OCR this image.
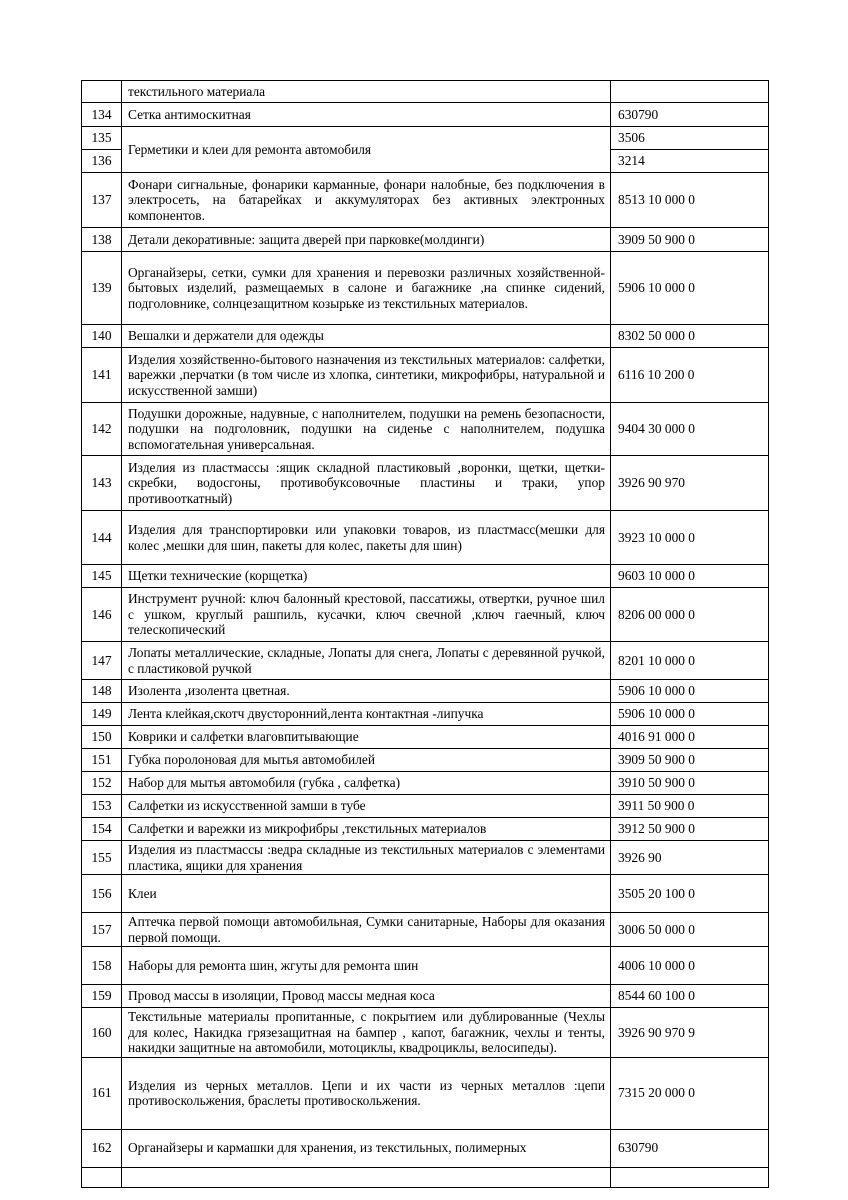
	текстильного материала	
134	Сетка антимоскитная	630790
135	Герметики и клеи для ремонта автомобиля	3506
136		3214
137	Фонари сигнальные, фонарики карманные, фонари налобные, без подключения в электросеть, на батарейках и аккумуляторах без активных электронных компонентов.	8513 10 000 0
138	Детали декоративные: защита дверей при парковке(молдинги)	3909 50 900 0
139	Органайзеры, сетки, сумки для хранения и перевозки различных хозяйственной- бытовых изделий, размещаемых в салоне и багажнике ,на спинке сидений, подголовнике, солнцезащитном козырьке из текстильных материалов.	5906 10 000 0
140	Вешалки и держатели для одежды	8302 50 000 0
141	Изделия хозяйственно-бытового назначения из текстильных материалов: салфетки, варежки ,перчатки (в том числе из хлопка, синтетики, микрофибры, натуральной и искусственной замши)	6116 10 200 0
142	Подушки дорожные, надувные, с наполнителем, подушки на ремень безопасности, подушки на подголовник, подушки на сиденье с наполнителем, подушка вспомогательная универсальная.	9404 30 000 0
143	Изделия из пластмассы :ящик складной пластиковый ,воронки, щетки, щетки-скребки, водосгоны, противобуксовочные пластины и траки, упор противооткатный)	3926 90 970
144	Изделия для транспортировки или упаковки товаров, из пластмасс(мешки для колес ,мешки для шин, пакеты для колес, пакеты для шин)	3923 10 000 0
145	Щетки технические (корщетка)	9603 10 000 0
146	Инструмент ручной: ключ балонный крестовой, пассатижы, отвертки, ручное шил с ушком, круглый рашпиль, кусачки, ключ свечной ,ключ гаечный, ключ телескопический	8206 00 000 0
147	Лопаты металлические, складные, Лопаты для снега, Лопаты с деревянной ручкой, с пластиковой ручкой	8201 10 000 0
148	Изолента ,изолента цветная.	5906 10 000 0
149	Лента клейкая,скотч двусторонний,лента контактная -липучка	5906 10 000 0
150	Коврики и салфетки влаговпитывающие	4016 91 000 0
151	Губка поролоновая для мытья автомобилей	3909 50 900 0
152	Набор для мытья автомобиля (губка , салфетка)	3910 50 900 0
153	Салфетки из искусственной замши в тубе	3911 50 900 0
154	Салфетки и варежки из микрофибры ,текстильных материалов	3912 50 900 0
155	Изделия из пластмассы :ведра складные из текстильных материалов с элементами пластика, ящики для хранения	3926 90
156	Клеи	3505 20 100 0
157	Аптечка первой помощи автомобильная, Сумки санитарные, Наборы для оказания первой помощи.	3006 50 000 0
158	Наборы для ремонта шин, жгуты для ремонта шин	4006 10 000 0
159	Провод массы в изоляции, Провод массы медная коса	8544 60 100 0
160	Текстильные материалы пропитанные, с покрытием или дублированные (Чехлы для колес, Накидка грязезащитная на бампер , капот, багажник, чехлы и тенты, накидки защитные на автомобили, мотоциклы, квадроциклы, велосипеды).	3926 90 970 9
161	Изделия из черных металлов. Цепи и их части из черных металлов :цепи противоскольжения, браслеты противоскольжения.	7315 20 000 0
162	Органайзеры и кармашки для хранения, из текстильных, полимерных	630790
